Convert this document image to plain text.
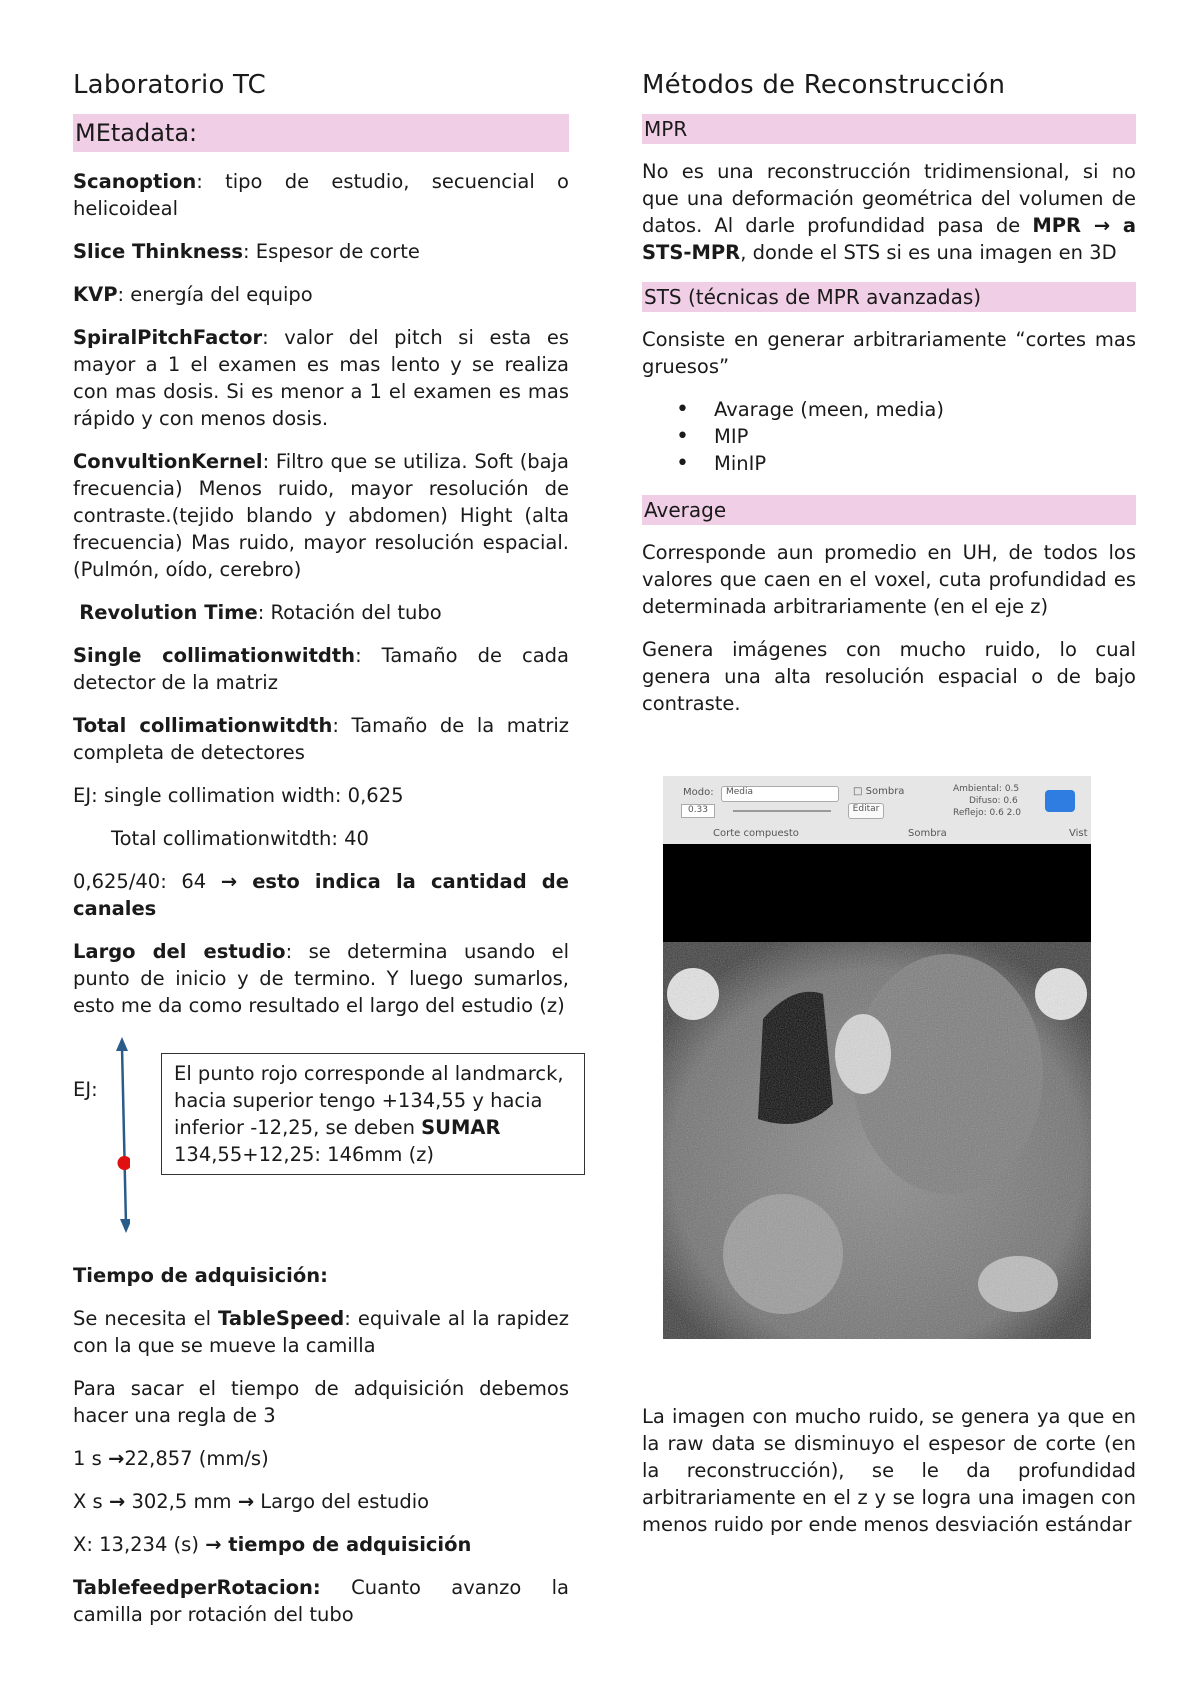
Laboratorio TC
MEtadata:

Scanoption: tipo de estudio, secuencial o helicoideal

Slice Thinkness: Espesor de corte

KVP: energía del equipo

SpiralPitchFactor: valor del pitch si esta es mayor a 1 el examen es mas lento y se realiza con mas dosis. Si es menor a 1 el examen es mas rápido y con menos dosis.

ConvultionKernel: Filtro que se utiliza. Soft (baja frecuencia) Menos ruido, mayor resolución de contraste.(tejido blando y abdomen) Hight (alta frecuencia) Mas ruido, mayor resolución espacial. (Pulmón, oído, cerebro)

Revolution Time: Rotación del tubo

Single collimationwitdth: Tamaño de cada detector de la matriz

Total collimationwitdth: Tamaño de la matriz completa de detectores

EJ: single collimation width: 0,625

Total collimationwitdth: 40

0,625/40: 64 → esto indica la cantidad de canales

Largo del estudio: se determina usando el punto de inicio y de termino. Y luego sumarlos, esto me da como resultado el largo del estudio (z)

EJ:
El punto rojo corresponde al landmarck, hacia superior tengo +134,55 y hacia inferior -12,25, se deben SUMAR 134,55+12,25: 146mm (z)

Tiempo de adquisición:

Se necesita el TableSpeed: equivale al la rapidez con la que se mueve la camilla

Para sacar el tiempo de adquisición debemos hacer una regla de 3

1 s →22,857 (mm/s)

X s → 302,5 mm → Largo del estudio

X: 13,234 (s) → tiempo de adquisición

TablefeedperRotacion: Cuanto avanzo la camilla por rotación del tubo

Métodos de Reconstrucción
MPR

No es una reconstrucción tridimensional, si no que una deformación geométrica del volumen de datos. Al darle profundidad pasa de MPR → a STS-MPR, donde el STS si es una imagen en 3D

STS (técnicas de MPR avanzadas)

Consiste en generar arbitrariamente “cortes mas gruesos”

• Avarage (meen, media)
• MIP
• MinIP
Average

Corresponde aun promedio en UH, de todos los valores que caen en el voxel, cuta profundidad es determinada arbitrariamente (en el eje z)

Genera imágenes con mucho ruido, lo cual genera una alta resolución espacial o de bajo contraste.

Modo:	Media	□ Sombra
0.33	Editar
Ambiental: 0.5
Difuso: 0.6
Reflejo: 0.6 2.0
Corte compuesto	Sombra	Vist

La imagen con mucho ruido, se genera ya que en la raw data se disminuyo el espesor de corte (en la reconstrucción), se le da profundidad arbitrariamente en el z y se logra una imagen con menos ruido por ende menos desviación estándar
